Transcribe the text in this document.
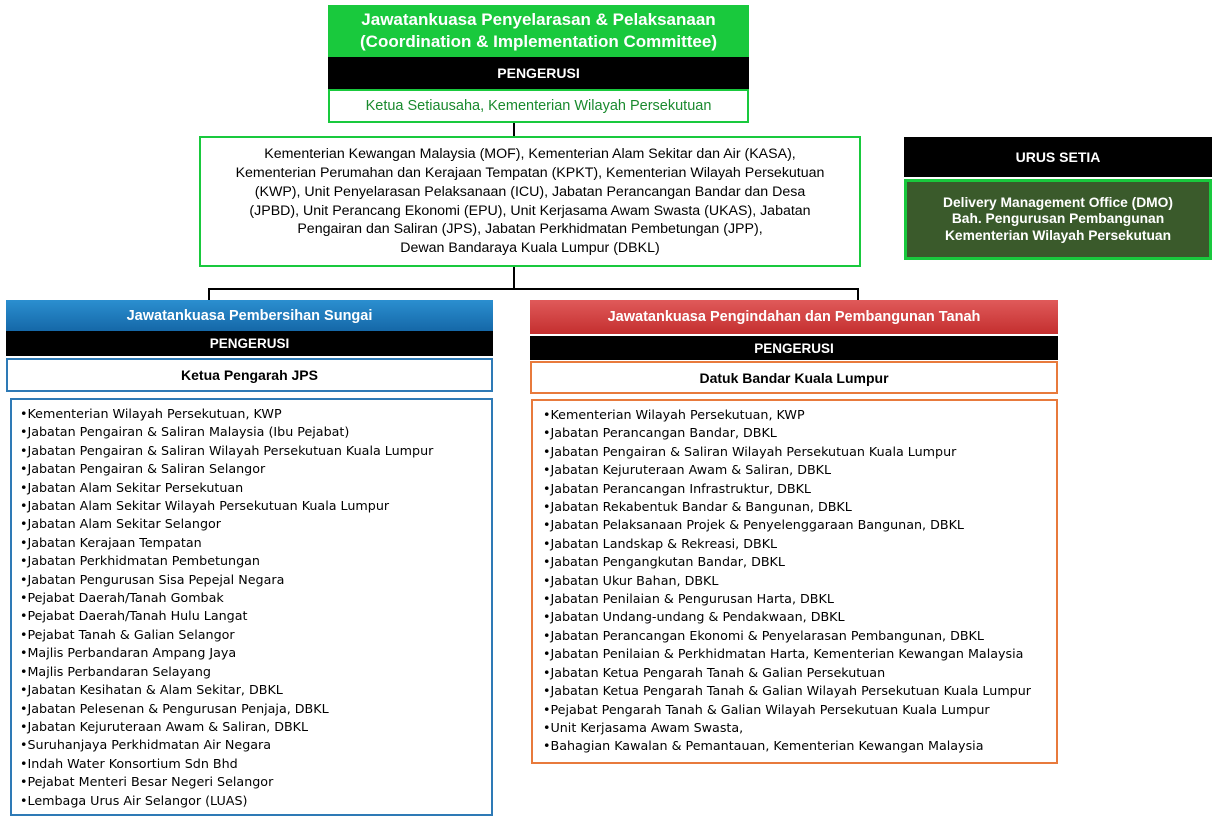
Jawatankuasa Penyelarasan & Pelaksanaan
(Coordination & Implementation Committee)
PENGERUSI
Ketua Setiausaha, Kementerian Wilayah Persekutuan
Kementerian Kewangan Malaysia (MOF), Kementerian Alam Sekitar dan Air (KASA),
Kementerian Perumahan dan Kerajaan Tempatan (KPKT), Kementerian Wilayah Persekutuan
(KWP), Unit Penyelarasan Pelaksanaan (ICU), Jabatan Perancangan Bandar dan Desa
(JPBD), Unit Perancang Ekonomi (EPU), Unit Kerjasama Awam Swasta (UKAS), Jabatan
Pengairan dan Saliran (JPS), Jabatan Perkhidmatan Pembetungan (JPP),
Dewan Bandaraya Kuala Lumpur (DBKL)
URUS SETIA
Delivery Management Office (DMO)
Bah. Pengurusan Pembangunan
Kementerian Wilayah Persekutuan
Jawatankuasa Pembersihan Sungai
PENGERUSI
Ketua Pengarah JPS
•Kementerian Wilayah Persekutuan, KWP
•Jabatan Pengairan & Saliran Malaysia (Ibu Pejabat)
•Jabatan Pengairan & Saliran Wilayah Persekutuan Kuala Lumpur
•Jabatan Pengairan & Saliran Selangor
•Jabatan Alam Sekitar Persekutuan
•Jabatan Alam Sekitar Wilayah Persekutuan Kuala Lumpur
•Jabatan Alam Sekitar Selangor
•Jabatan Kerajaan Tempatan
•Jabatan Perkhidmatan Pembetungan
•Jabatan Pengurusan Sisa Pepejal Negara
•Pejabat Daerah/Tanah Gombak
•Pejabat Daerah/Tanah Hulu Langat
•Pejabat Tanah & Galian Selangor
•Majlis Perbandaran Ampang Jaya
•Majlis Perbandaran Selayang
•Jabatan Kesihatan & Alam Sekitar, DBKL
•Jabatan Pelesenan & Pengurusan Penjaja, DBKL
•Jabatan Kejuruteraan Awam & Saliran, DBKL
•Suruhanjaya Perkhidmatan Air Negara
•Indah Water Konsortium Sdn Bhd
•Pejabat Menteri Besar Negeri Selangor
•Lembaga Urus Air Selangor (LUAS)
Jawatankuasa Pengindahan dan Pembangunan Tanah
PENGERUSI
Datuk Bandar Kuala Lumpur
•Kementerian Wilayah Persekutuan, KWP
•Jabatan Perancangan Bandar, DBKL
•Jabatan Pengairan & Saliran Wilayah Persekutuan Kuala Lumpur
•Jabatan Kejuruteraan Awam & Saliran, DBKL
•Jabatan Perancangan Infrastruktur, DBKL
•Jabatan Rekabentuk Bandar & Bangunan, DBKL
•Jabatan Pelaksanaan Projek & Penyelenggaraan Bangunan, DBKL
•Jabatan Landskap & Rekreasi, DBKL
•Jabatan Pengangkutan Bandar, DBKL
•Jabatan Ukur Bahan, DBKL
•Jabatan Penilaian & Pengurusan Harta, DBKL
•Jabatan Undang-undang & Pendakwaan, DBKL
•Jabatan Perancangan Ekonomi & Penyelarasan Pembangunan, DBKL
•Jabatan Penilaian & Perkhidmatan Harta, Kementerian Kewangan Malaysia
•Jabatan Ketua Pengarah Tanah & Galian Persekutuan
•Jabatan Ketua Pengarah Tanah & Galian Wilayah Persekutuan Kuala Lumpur
•Pejabat Pengarah Tanah & Galian Wilayah Persekutuan Kuala Lumpur
•Unit Kerjasama Awam Swasta,
•Bahagian Kawalan & Pemantauan, Kementerian Kewangan Malaysia
